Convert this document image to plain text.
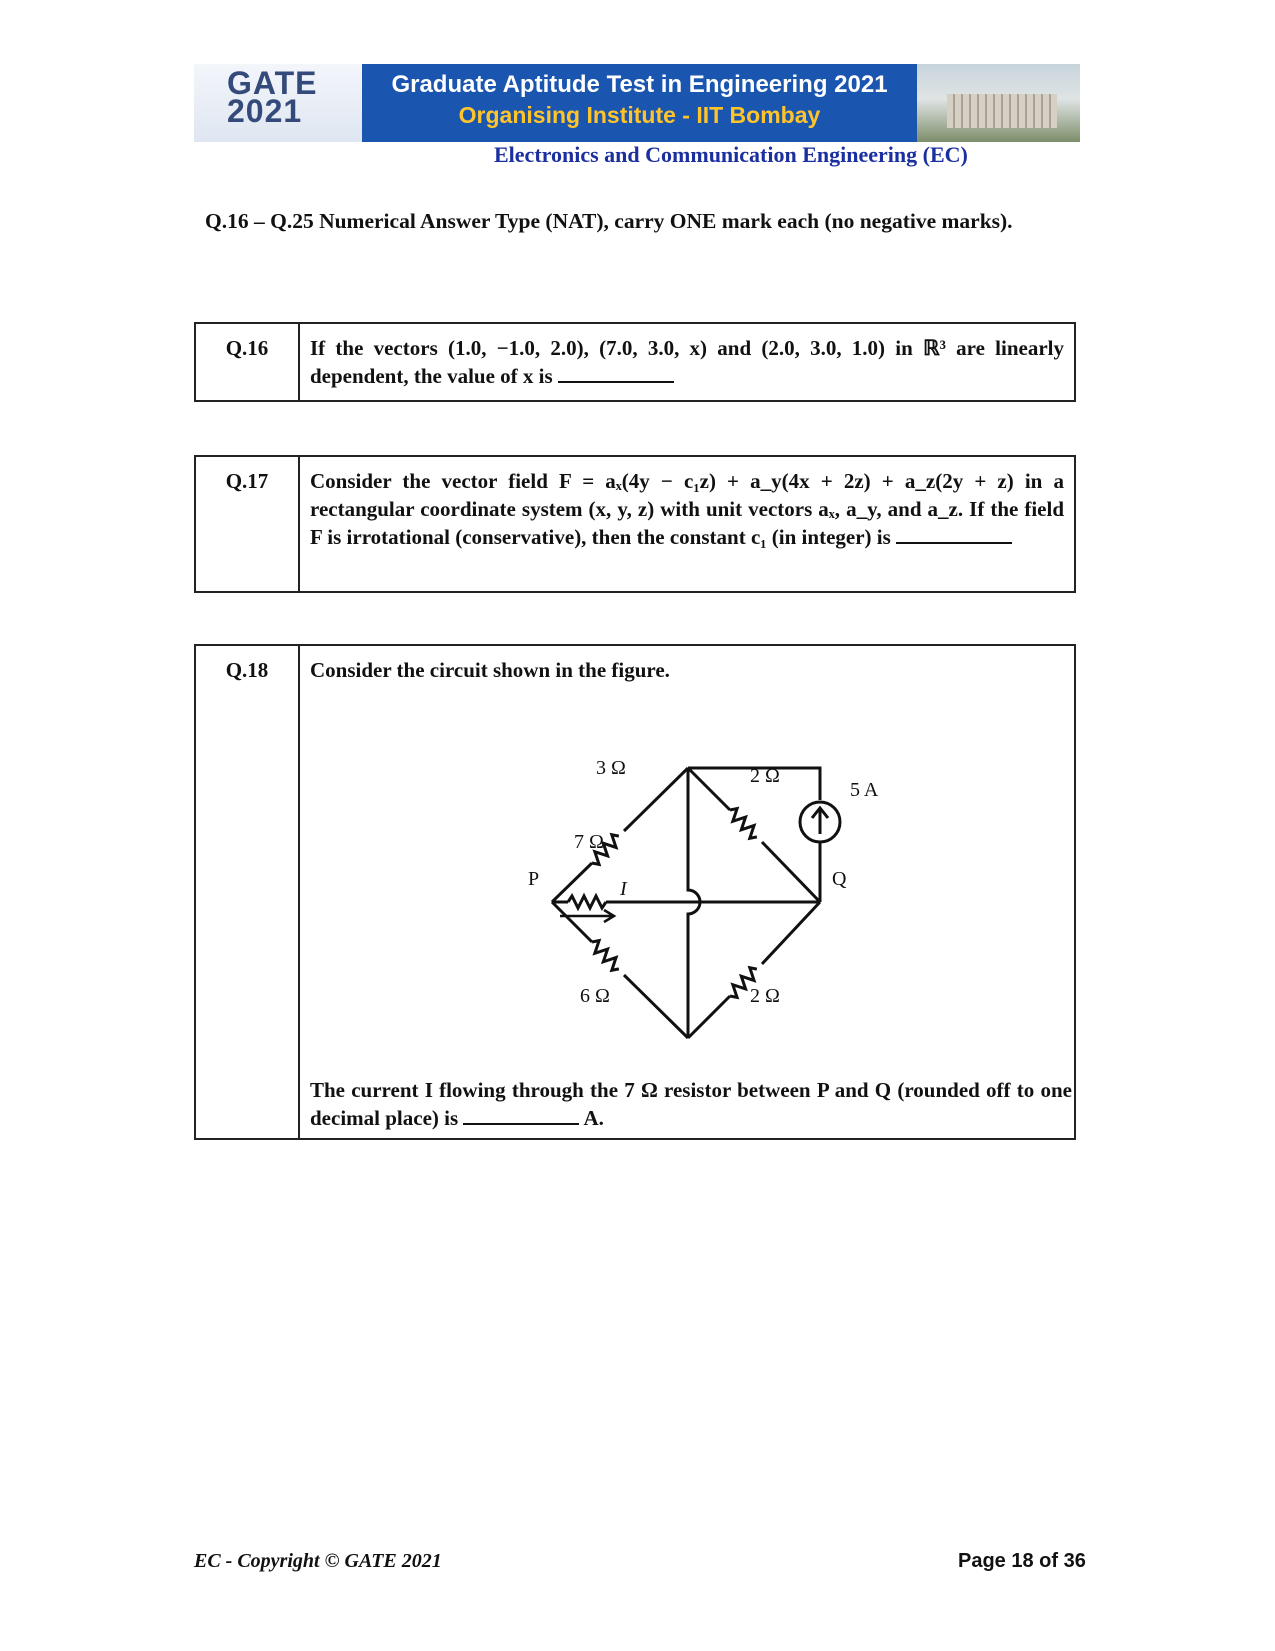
GATE
2021
Graduate Aptitude Test in Engineering 2021
Organising Institute - IIT Bombay
Electronics and Communication Engineering (EC)
Q.16 – Q.25 Numerical Answer Type (NAT), carry ONE mark each (no negative marks).
Q.16	If the vectors (1.0, −1.0, 2.0), (7.0, 3.0, x) and (2.0, 3.0, 1.0) in ℝ³ are linearly dependent, the value of x is
Q.17	Consider the vector field F = aₓ(4y − c₁z) + a_y(4x + 2z) + a_z(2y + z) in a rectangular coordinate system (x, y, z) with unit vectors aₓ, a_y, and a_z. If the field F is irrotational (conservative), then the constant c₁ (in integer) is
Q.18	Consider the circuit shown in the figure.
The current I flowing through the 7 Ω resistor between P and Q (rounded off to one decimal place) is	A.
3 Ω	2 Ω
5 A
7 Ω
P	Q
I
6 Ω	2 Ω
EC - Copyright © GATE 2021	Page 18 of 36
